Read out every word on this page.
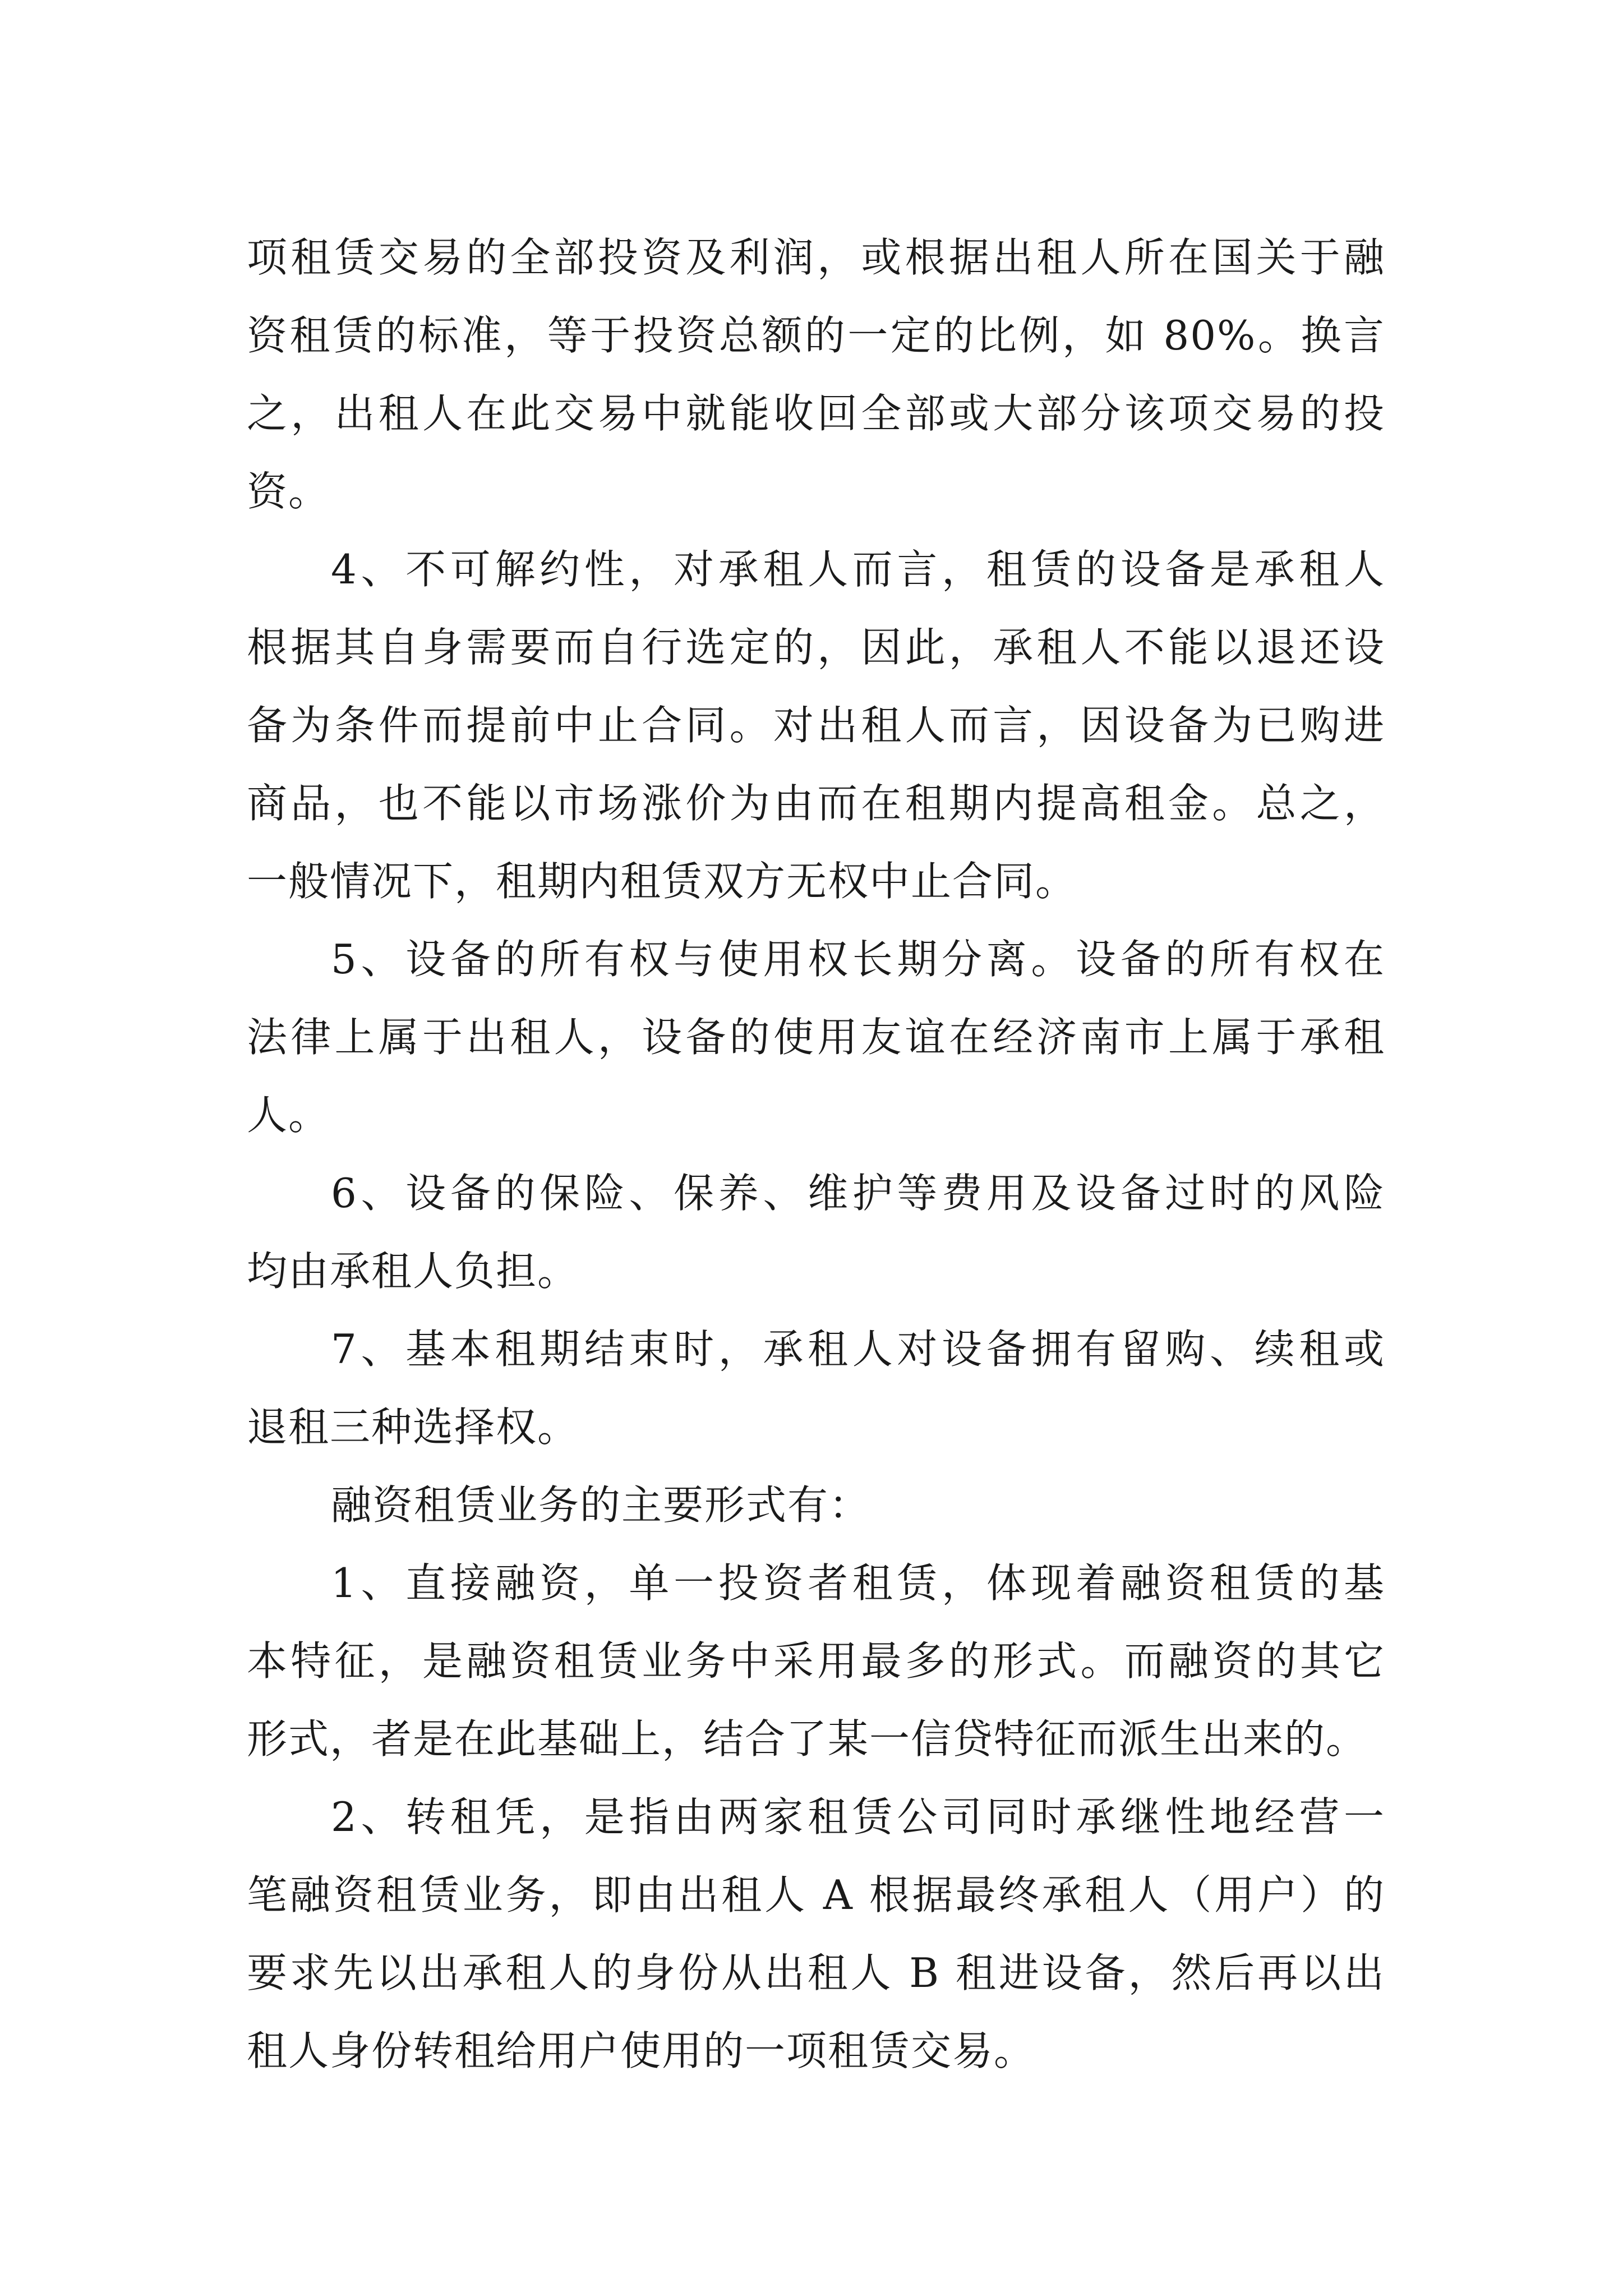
项租赁交易的全部投资及利润，或根据出租人所在国关于融
资租赁的标准，等于投资总额的一定的比例，如 80%。换言
之，出租人在此交易中就能收回全部或大部分该项交易的投
资。
4、不可解约性，对承租人而言，租赁的设备是承租人
根据其自身需要而自行选定的，因此，承租人不能以退还设
备为条件而提前中止合同。对出租人而言，因设备为已购进
商品，也不能以市场涨价为由而在租期内提高租金。总之，
一般情况下，租期内租赁双方无权中止合同。
5、设备的所有权与使用权长期分离。设备的所有权在
法律上属于出租人，设备的使用友谊在经济南市上属于承租
人。
6、设备的保险、保养、维护等费用及设备过时的风险
均由承租人负担。
7、基本租期结束时，承租人对设备拥有留购、续租或
退租三种选择权。
融资租赁业务的主要形式有：
1、直接融资，单一投资者租赁，体现着融资租赁的基
本特征，是融资租赁业务中采用最多的形式。而融资的其它
形式，者是在此基础上，结合了某一信贷特征而派生出来的。
2、转租凭，是指由两家租赁公司同时承继性地经营一
笔融资租赁业务，即由出租人 A 根据最终承租人（用户）的
要求先以出承租人的身份从出租人 B 租进设备，然后再以出
租人身份转租给用户使用的一项租赁交易。
